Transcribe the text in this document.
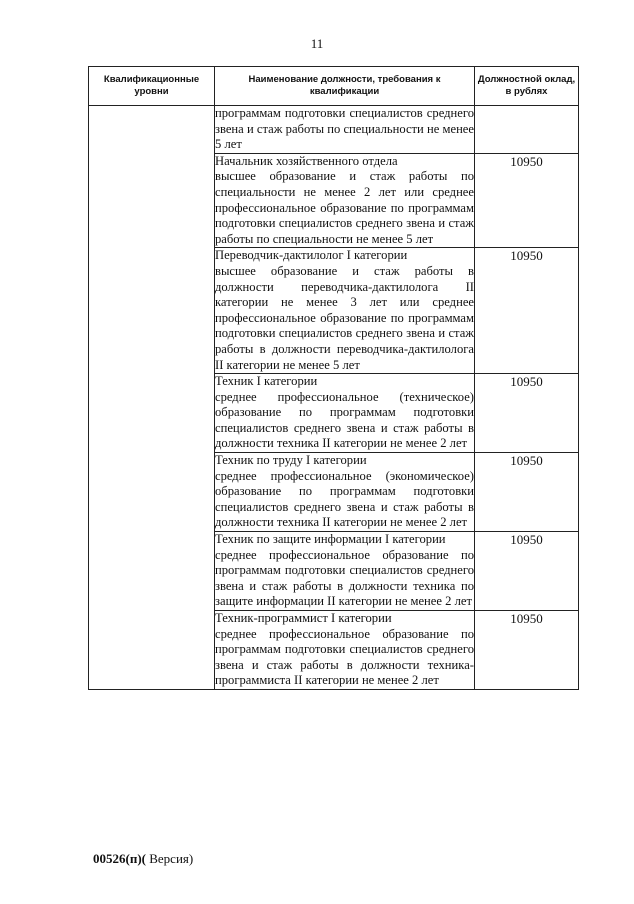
11
Квалификационные уровни	Наименование должности, требования к квалификации	Должностной оклад, в рублях

	программам подготовки специалистов среднего звена и стаж работы по специальности не менее 5 лет	

	Начальник хозяйственного отдела
высшее образование и стаж работы по специальности не менее 2 лет или среднее профессиональное образование по программам подготовки специалистов среднего звена и стаж работы по специальности не менее 5 лет	10950

	Переводчик-дактилолог I категории
высшее образование и стаж работы в должности переводчика-дактилолога II категории не менее 3 лет или среднее профессиональное образование по программам подготовки специалистов среднего звена и стаж работы в должности переводчика-дактилолога II категории не менее 5 лет	10950

	Техник I категории
среднее профессиональное (техническое) образование по программам подготовки специалистов среднего звена и стаж работы в должности техника II категории не менее 2 лет	10950

	Техник по труду I категории
среднее профессиональное (экономическое) образование по программам подготовки специалистов среднего звена и стаж работы в должности техника II категории не менее 2 лет	10950

	Техник по защите информации I категории
среднее профессиональное образование по программам подготовки специалистов среднего звена и стаж работы в должности техника по защите информации II категории не менее 2 лет	10950

	Техник-программист I категории
среднее профессиональное образование по программам подготовки специалистов среднего звена и стаж работы в должности техника-программиста II категории не менее 2 лет	10950
00526(п)( Версия)
